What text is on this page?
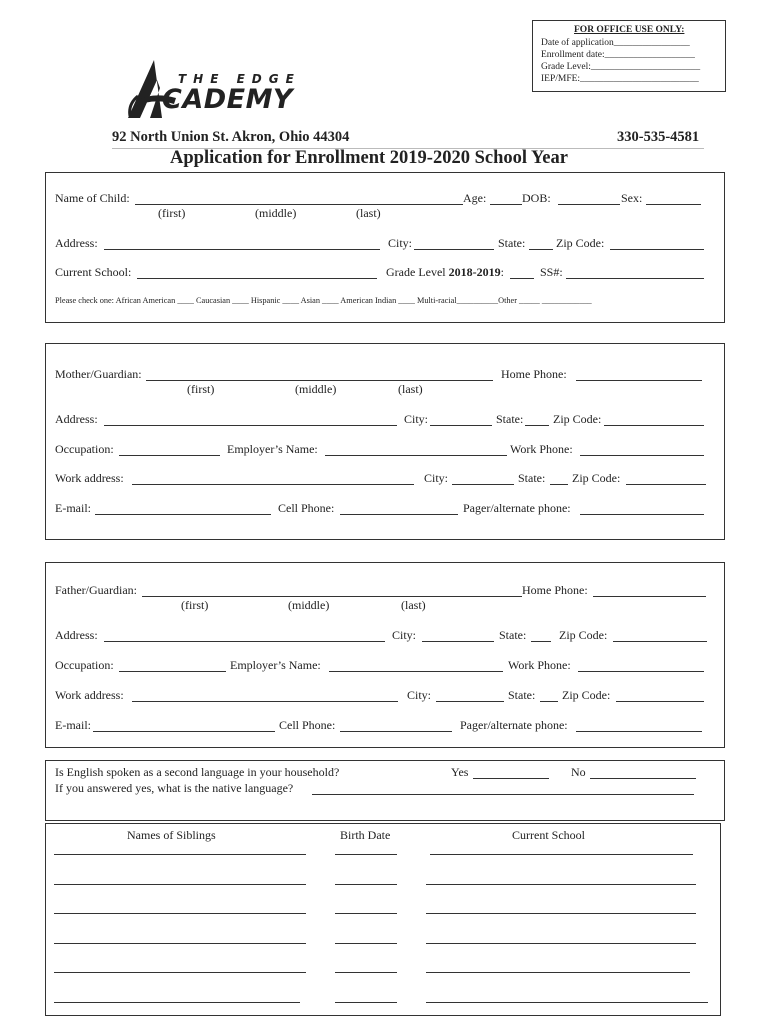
FOR OFFICE USE ONLY:
Date of application________________
Enrollment date:___________________
Grade Level:_______________________
IEP/MFE:_________________________
THE EDGE
CADEMY
92 North Union St. Akron, Ohio 44304	330-535-4581
Application for Enrollment 2019-2020 School Year
Name of Child:	Age:	DOB:	Sex:
(first)	(middle)	(last)
Address:	City:	State:	Zip Code:
Current School:	Grade Level 2018-2019:	SS#:
Please check one: African American ____ Caucasian ____ Hispanic ____ Asian ____ American Indian ____ Multi-racial__________Other _____ ____________
Mother/Guardian:	Home Phone:
(first)	(middle)	(last)
Address:	City:	State: Zip Code:
Occupation:	Employer’s Name:	Work Phone:
Work address:	City:	State: Zip Code:
E-mail:	Cell Phone:	Pager/alternate phone:
Father/Guardian:	Home Phone:
(first)	(middle)	(last)
Address:	City:	State:	Zip Code:
Occupation:	Employer’s Name:	Work Phone:
Work address:	City:	State: Zip Code:
E-mail:	Cell Phone:	Pager/alternate phone:
Is English spoken as a second language in your household?	Yes	No
If you answered yes, what is the native language?
Names of Siblings	Birth Date	Current School
